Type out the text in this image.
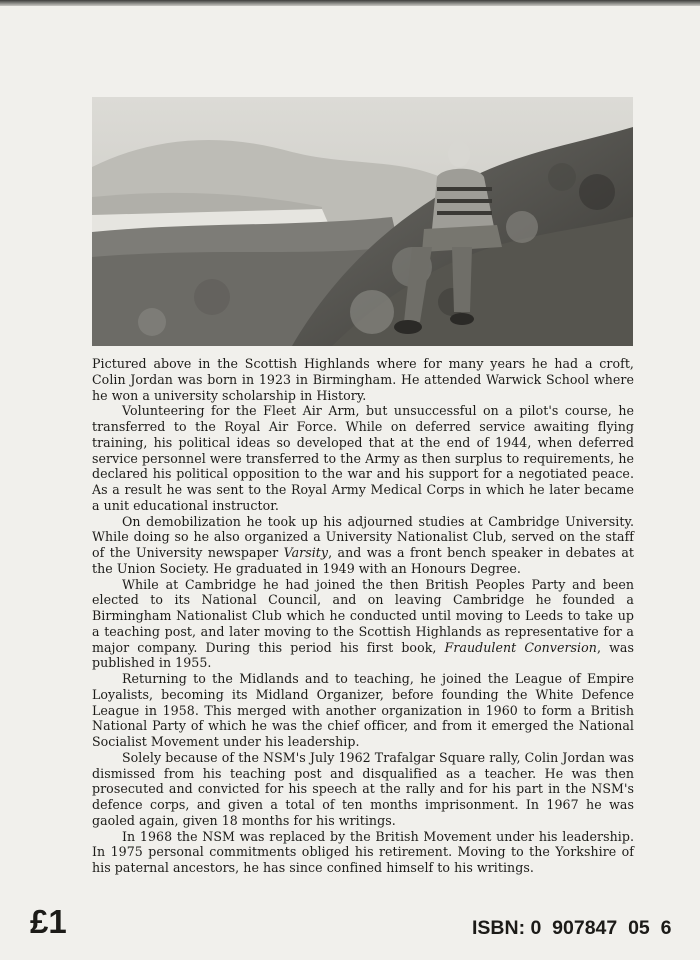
Pictured above in the Scottish Highlands where for many years he had a croft, Colin Jordan was born in 1923 in Birmingham. He attended Warwick School where he won a university scholarship in History.

Volunteering for the Fleet Air Arm, but unsuccessful on a pilot's course, he transferred to the Royal Air Force. While on deferred service awaiting flying training, his political ideas so developed that at the end of 1944, when deferred service personnel were transferred to the Army as then surplus to requirements, he declared his political opposition to the war and his support for a negotiated peace. As a result he was sent to the Royal Army Medical Corps in which he later became a unit educational instructor.

On demobilization he took up his adjourned studies at Cambridge University. While doing so he also organized a University Nationalist Club, served on the staff of the University newspaper Varsity, and was a front bench speaker in debates at the Union Society. He graduated in 1949 with an Honours Degree.

While at Cambridge he had joined the then British Peoples Party and been elected to its National Council, and on leaving Cambridge he founded a Birmingham Nationalist Club which he conducted until moving to Leeds to take up a teaching post, and later moving to the Scottish Highlands as representative for a major company. During this period his first book, Fraudulent Conversion, was published in 1955.

Returning to the Midlands and to teaching, he joined the League of Empire Loyalists, becoming its Midland Organizer, before founding the White Defence League in 1958. This merged with another organization in 1960 to form a British National Party of which he was the chief officer, and from it emerged the National Socialist Movement under his leadership.

Solely because of the NSM's July 1962 Trafalgar Square rally, Colin Jordan was dismissed from his teaching post and disqualified as a teacher. He was then prosecuted and convicted for his speech at the rally and for his part in the NSM's defence corps, and given a total of ten months imprisonment. In 1967 he was gaoled again, given 18 months for his writings.

In 1968 the NSM was replaced by the British Movement under his leadership. In 1975 personal commitments obliged his retirement. Moving to the Yorkshire of his paternal ancestors, he has since confined himself to his writings.

£1	ISBN: 0  907847  05  6
